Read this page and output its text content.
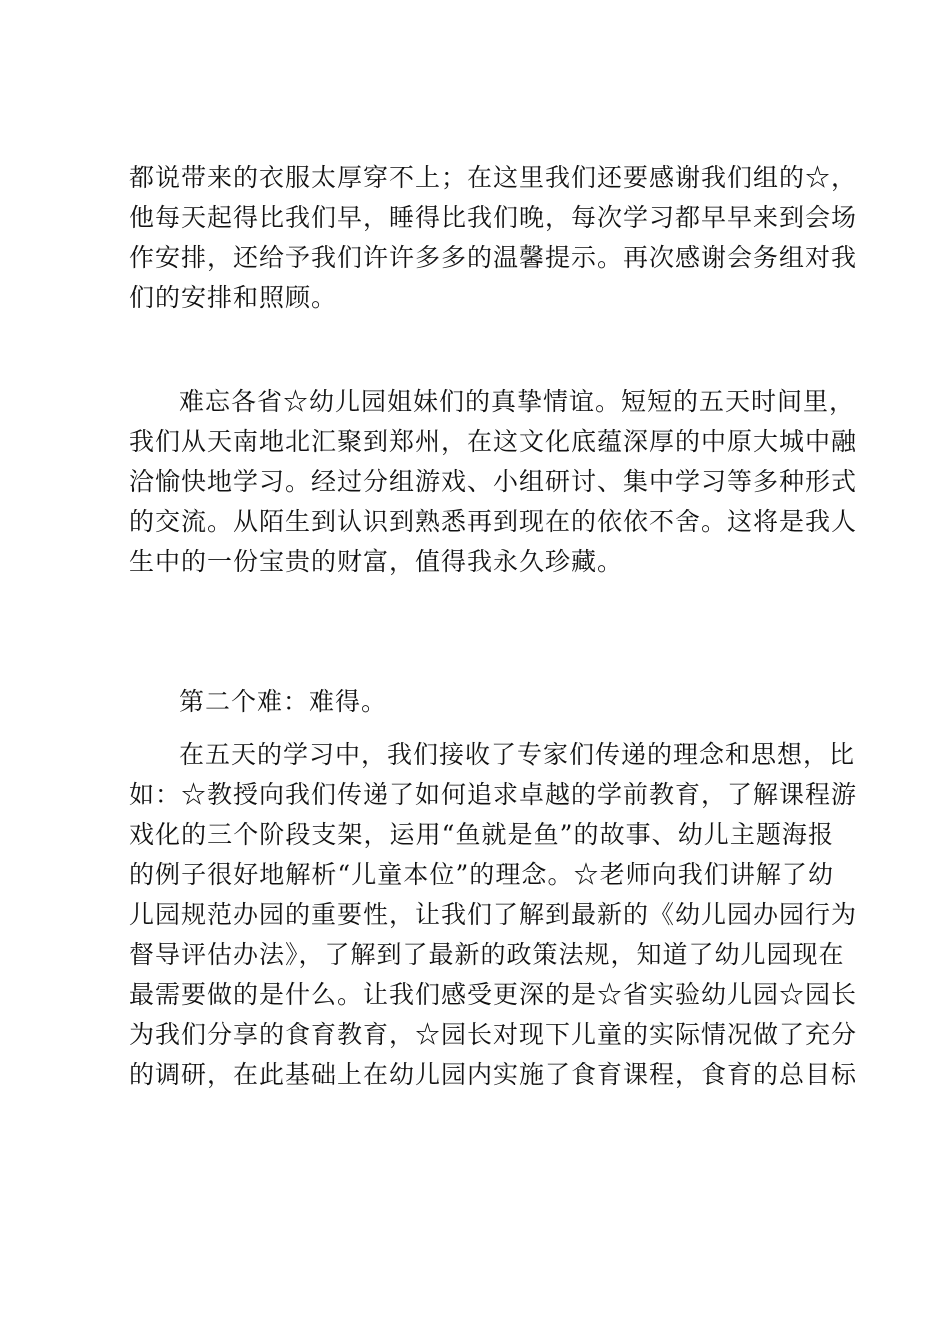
都说带来的衣服太厚穿不上；在这里我们还要感谢我们组的☆，
他每天起得比我们早，睡得比我们晚，每次学习都早早来到会场
作安排，还给予我们许许多多的温馨提示。再次感谢会务组对我
们的安排和照顾。
难忘各省☆幼儿园姐妹们的真挚情谊。短短的五天时间里，
我们从天南地北汇聚到郑州，在这文化底蕴深厚的中原大城中融
洽愉快地学习。经过分组游戏、小组研讨、集中学习等多种形式
的交流。从陌生到认识到熟悉再到现在的依依不舍。这将是我人
生中的一份宝贵的财富，值得我永久珍藏。
第二个难：难得。
在五天的学习中，我们接收了专家们传递的理念和思想，比
如：☆教授向我们传递了如何追求卓越的学前教育，了解课程游
戏化的三个阶段支架，运用“鱼就是鱼”的故事、幼儿主题海报
的例子很好地解析“儿童本位”的理念。☆老师向我们讲解了幼
儿园规范办园的重要性，让我们了解到最新的《幼儿园办园行为
督导评估办法》，了解到了最新的政策法规，知道了幼儿园现在
最需要做的是什么。让我们感受更深的是☆省实验幼儿园☆园长
为我们分享的食育教育，☆园长对现下儿童的实际情况做了充分
的调研，在此基础上在幼儿园内实施了食育课程，食育的总目标
